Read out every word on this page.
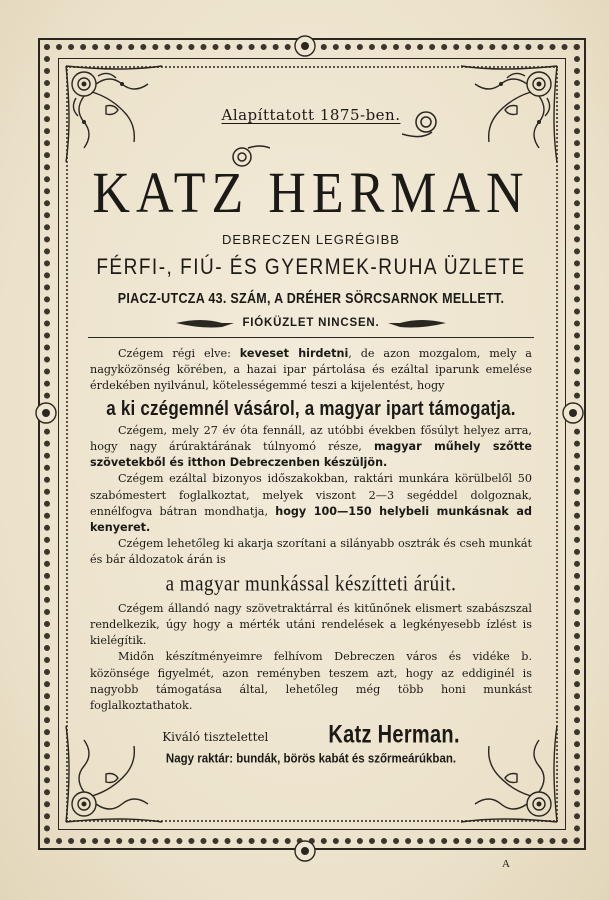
Alapíttatott 1875-ben.
KATZ HERMAN
DEBRECZEN LEGRÉGIBB
FÉRFI-, FIÚ- ÉS GYERMEK-RUHA ÜZLETE
PIACZ-UTCZA 43. SZÁM, A DRÉHER SÖRCSARNOK MELLETT.
FIÓKÜZLET NINCSEN.

Czégem régi elve: keveset hirdetni, de azon mozgalom, mely a nagyközönség körében, a hazai ipar pártolása és ezáltal iparunk emelése érdekében nyilvánul, kötelességemmé teszi a kijelentést, hogy

a ki czégemnél vásárol, a magyar ipart támogatja.

Czégem, mely 27 év óta fennáll, az utóbbi években fősúlyt helyez arra, hogy nagy árúraktárának túlnyomó része, magyar műhely szőtte szövetekből és itthon Debreczenben készüljön.

Czégem ezáltal bizonyos időszakokban, raktári munkára körülbelől 50 szabómestert foglalkoztat, melyek viszont 2—3 segéddel dolgoznak, ennélfogva bátran mondhatja, hogy 100—150 helybeli munkásnak ad kenyeret.

Czégem lehetőleg ki akarja szorítani a silányabb osztrák és cseh munkát és bár áldozatok árán is

a magyar munkással készítteti árúit.

Czégem állandó nagy szövetraktárral és kitűnőnek elismert szabászszal rendelkezik, úgy hogy a mérték utáni rendelések a legkényesebb ízlést is kielégítik.

Midőn készítményeimre felhívom Debreczen város és vidéke b. közönsége figyelmét, azon reményben teszem azt, hogy az eddiginél is nagyobb támogatása által, lehetőleg még több honi munkást foglalkoztathatok.

Kiváló tisztelettel	Katz Herman.
Nagy raktár: bundák, börös kabát és szőrmeárúkban.
A
